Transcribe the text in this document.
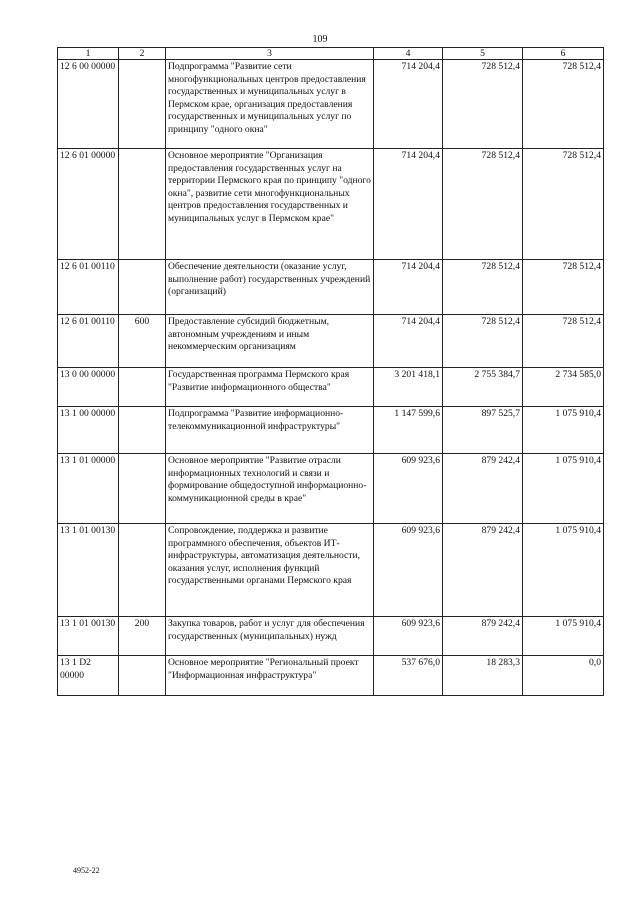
109
1	2	3	4	5	6
12 6 00 00000		Подпрограмма "Развитие сети многофункциональных центров предоставления государственных и муниципальных услуг в Пермском крае, организация предоставления государственных и муниципальных услуг по принципу "одного окна"	714 204,4	728 512,4	728 512,4
12 6 01 00000		Основное мероприятие "Организация предоставления государственных услуг на территории Пермского края по принципу "одного окна", развитие сети многофункциональных центров предоставления государственных и муниципальных услуг в Пермском крае"	714 204,4	728 512,4	728 512,4
12 6 01 00110		Обеспечение деятельности (оказание услуг, выполнение работ) государственных учреждений (организаций)	714 204,4	728 512,4	728 512,4
12 6 01 00110	600	Предоставление субсидий бюджетным, автономным учреждениям и иным некоммерческим организациям	714 204,4	728 512,4	728 512,4
13 0 00 00000		Государственная программа Пермского края "Развитие информационного общества"	3 201 418,1	2 755 384,7	2 734 585,0
13 1 00 00000		Подпрограмма "Развитие информационно-телекоммуникационной инфраструктуры"	1 147 599,6	897 525,7	1 075 910,4
13 1 01 00000		Основное мероприятие "Развитие отрасли информационных технологий и связи и формирование общедоступной информационно-коммуникационной среды в крае"	609 923,6	879 242,4	1 075 910,4
13 1 01 00130		Сопровождение, поддержка и развитие программного обеспечения, объектов ИТ-инфраструктуры, автоматизация деятельности, оказания услуг, исполнения функций государственными органами Пермского края	609 923,6	879 242,4	1 075 910,4
13 1 01 00130	200	Закупка товаров, работ и услуг для обеспечения государственных (муниципальных) нужд	609 923,6	879 242,4	1 075 910,4
13 1 D2 00000		Основное мероприятие "Региональный проект "Информационная инфраструктура"	537 676,0	18 283,3	0,0
4952-22
